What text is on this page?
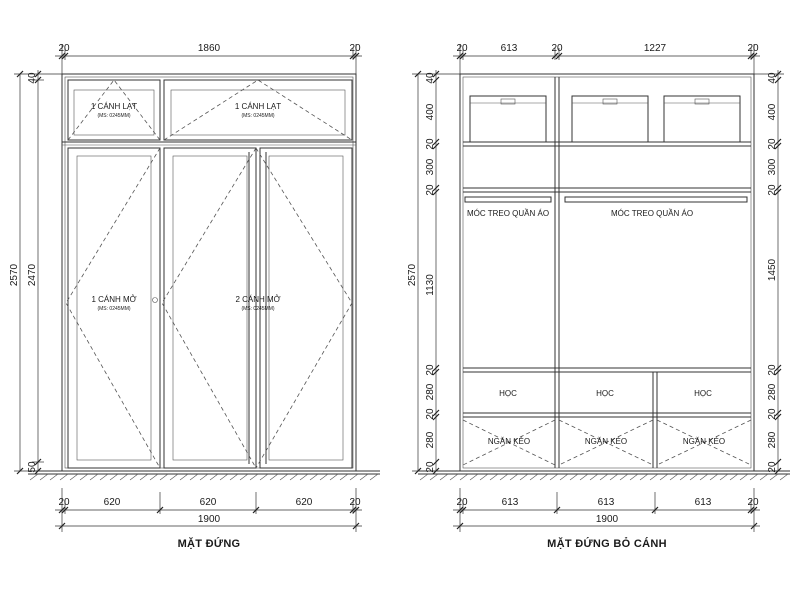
1 CÁNH LẠT
(MS: 0245MM)
1 CÁNH LẠT
(MS: 0245MM)
1 CÁNH MỞ
(MS: 0245MM)
2 CÁNH MỞ
(MS: 0245MM)
20	1860	20
20	620	620	620	20
1900
2570 2470
40
50
MẶT ĐỨNG
MÓC TREO QUẦN ÁO	MÓC TREO QUẦN ÁO
HỌC	HỌC	HỌC
NGĂN KÉO	NGĂN KÉO	NGĂN KÉO
20	613	20	1227	20
20	613	613	613	20
1900
2570
40
400
20
300
20
1130
20
280
20
280
20
40
400
20
300
20
1450
20
280
20
280
20
MẶT ĐỨNG BỎ CÁNH
